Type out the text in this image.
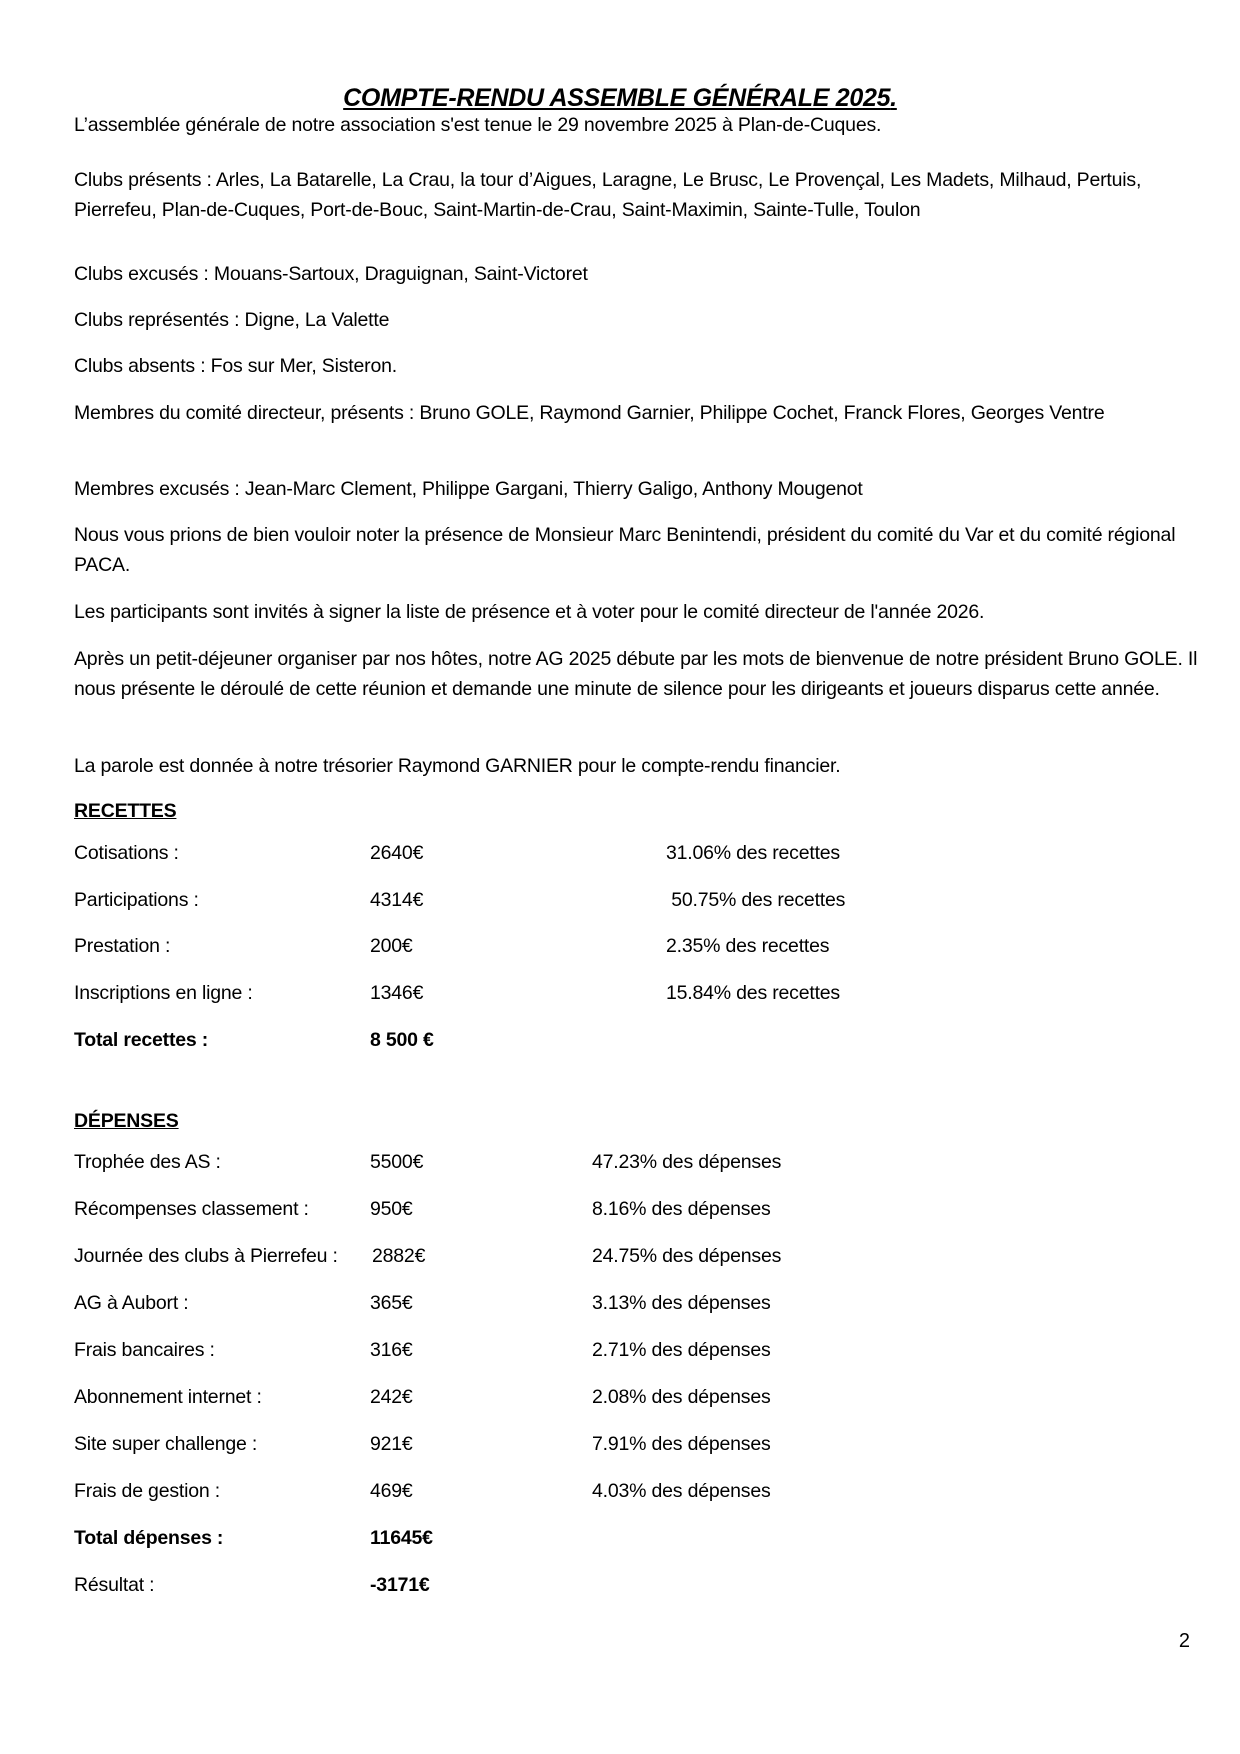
COMPTE-RENDU ASSEMBLE GÉNÉRALE 2025.

L’assemblée générale de notre association s'est tenue le 29 novembre 2025 à Plan-de-Cuques.

Clubs présents : Arles, La Batarelle, La Crau, la tour d’Aigues, Laragne, Le Brusc, Le Provençal, Les Madets, Milhaud, Pertuis, Pierrefeu, Plan-de-Cuques, Port-de-Bouc, Saint-Martin-de-Crau, Saint-Maximin, Sainte-Tulle, Toulon

Clubs excusés : Mouans-Sartoux, Draguignan, Saint-Victoret

Clubs représentés : Digne, La Valette

Clubs absents : Fos sur Mer, Sisteron.

Membres du comité directeur, présents : Bruno GOLE, Raymond Garnier, Philippe Cochet, Franck Flores, Georges Ventre

Membres excusés : Jean-Marc Clement, Philippe Gargani, Thierry Galigo, Anthony Mougenot

Nous vous prions de bien vouloir noter la présence de Monsieur Marc Benintendi, président du comité du Var et du comité régional PACA.

Les participants sont invités à signer la liste de présence et à voter pour le comité directeur de l'année 2026.

Après un petit-déjeuner organiser par nos hôtes, notre AG 2025 débute par les mots de bienvenue de notre président Bruno GOLE. Il nous présente le déroulé de cette réunion et demande une minute de silence pour les dirigeants et joueurs disparus cette année.

La parole est donnée à notre trésorier Raymond GARNIER pour le compte-rendu financier.

RECETTES
Cotisations :	2640€	31.06% des recettes
Participations :	4314€	50.75% des recettes
Prestation :	200€	2.35% des recettes
Inscriptions en ligne :	1346€	15.84% des recettes
Total recettes :	8 500 €
DÉPENSES
Trophée des AS :	5500€	47.23% des dépenses
Récompenses classement :	950€	8.16% des dépenses
Journée des clubs à Pierrefeu : 2882€	24.75% des dépenses
AG à Aubort :	365€	3.13% des dépenses
Frais bancaires :	316€	2.71% des dépenses
Abonnement internet :	242€	2.08% des dépenses
Site super challenge :	921€	7.91% des dépenses
Frais de gestion :	469€	4.03% des dépenses
Total dépenses :	11645€
Résultat :	-3171€
2
